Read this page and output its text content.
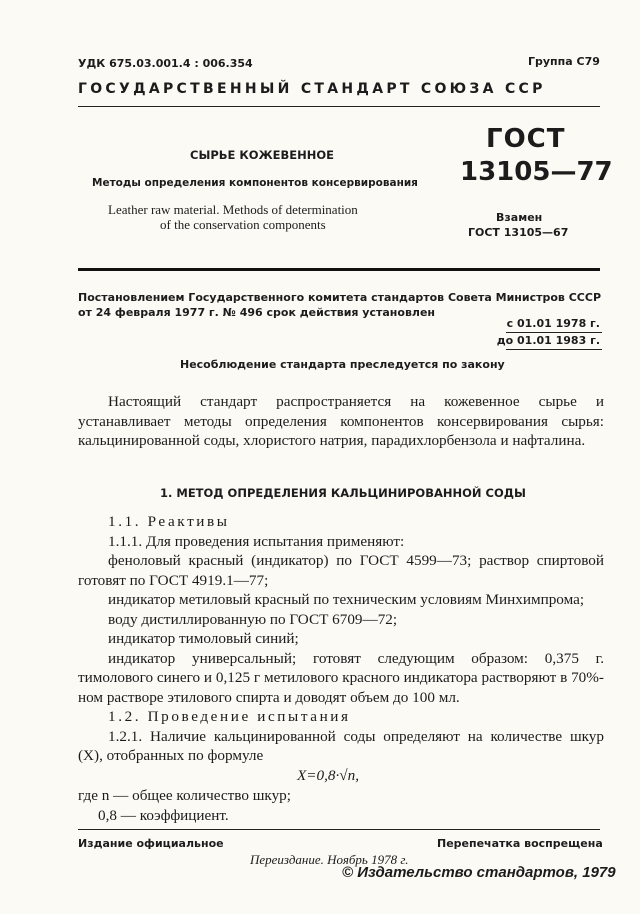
УДК 675.03.001.4 : 006.354	Группа С79
ГОСУДАРСТВЕННЫЙ СТАНДАРТ СОЮЗА ССР
СЫРЬЕ КОЖЕВЕННОЕ
Методы определения компонентов консервирования
Leather raw material. Methods of determination
of the conservation components
ГОСТ
13105—77
Взамен
ГОСТ 13105—67
Постановлением Государственного комитета стандартов Совета Министров СССР от 24 февраля 1977 г. № 496 срок действия установлен
с 01.01 1978 г.
до 01.01 1983 г.
Несоблюдение стандарта преследуется по закону
Настоящий стандарт распространяется на кожевенное сырье и устанавливает методы определения компонентов консервирования сырья: кальцинированной соды, хлористого натрия, парадихлорбензола и нафталина.
1. МЕТОД ОПРЕДЕЛЕНИЯ КАЛЬЦИНИРОВАННОЙ СОДЫ
1.1. Реактивы
1.1.1. Для проведения испытания применяют:
феноловый красный (индикатор) по ГОСТ 4599—73; раствор спиртовой готовят по ГОСТ 4919.1—77;
индикатор метиловый красный по техническим условиям Минхимпрома;
воду дистиллированную по ГОСТ 6709—72;
индикатор тимоловый синий;
индикатор универсальный; готовят следующим образом: 0,375 г. тимолового синего и 0,125 г метилового красного индикатора растворяют в 70%-ном растворе этилового спирта и доводят объем до 100 мл.
1.2. Проведение испытания
1.2.1. Наличие кальцинированной соды определяют на количестве шкур (X), отобранных по формуле
X=0,8·√n,
где n — общее количество шкур;
0,8 — коэффициент.
Издание официальное	Перепечатка воспрещена
Переиздание. Ноябрь 1978 г.
© Издательство стандартов, 1979
